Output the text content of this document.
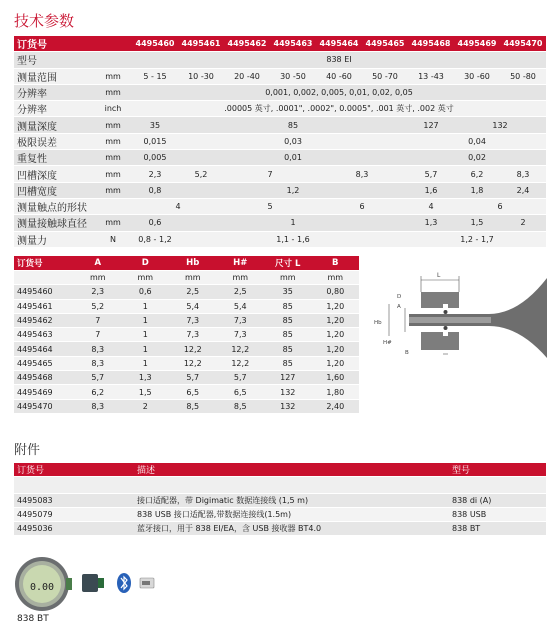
技术参数
订货号		4495460	4495461	4495462	4495463	4495464	4495465	4495468	4495469	4495470
型号		838 EI								
测量范围	mm	5 - 15	10 -30	20 -40	30 -50	40 -60	50 -70	13 -43	30 -60	50 -80
分辨率	mm	0,001, 0,002, 0,005, 0,01, 0,02, 0,05								
分辨率	inch	.00005 英寸, .0001", .0002", 0.0005", .001 英寸, .002 英寸								
测量深度	mm	35	85					127	132	
极限误差	mm	0,015	0,03					0,04		
重复性	mm	0,005	0,01					0,02		
凹槽深度	mm	2,3	5,2	7		8,3		5,7	6,2	8,3
凹槽宽度	mm	0,8	1,2					1,6	1,8	2,4
测量触点的形状		4		5		6		4	6	
测量接触球直径	mm	0,6	1					1,3	1,5	2
测量力	N	0,8 - 1,2	1,1 - 1,6					1,2 - 1,7		
订货号	A	D	Hb	H#	尺寸 L	B
	mm	mm	mm	mm	mm	mm
4495460	2,3	0,6	2,5	2,5	35	0,80
4495461	5,2	1	5,4	5,4	85	1,20
4495462	7	1	7,3	7,3	85	1,20
4495463	7	1	7,3	7,3	85	1,20
4495464	8,3	1	12,2	12,2	85	1,20
4495465	8,3	1	12,2	12,2	85	1,20
4495468	5,7	1,3	5,7	5,7	127	1,60
4495469	6,2	1,5	6,5	6,5	132	1,80
4495470	8,3	2	8,5	8,5	132	2,40
L
D
A
Hb
H#
B
附件
订货号	描述	型号

4495083	接口适配器，带 Digimatic 数据连接线 (1,5 m)	838 di (A)
4495079	838 USB 接口适配器,带数据连接线(1.5m)	838 USB
4495036	蓝牙接口，用于 838 EI/EA，含 USB 接收器 BT4.0	838 BT
0.00
838 BT
